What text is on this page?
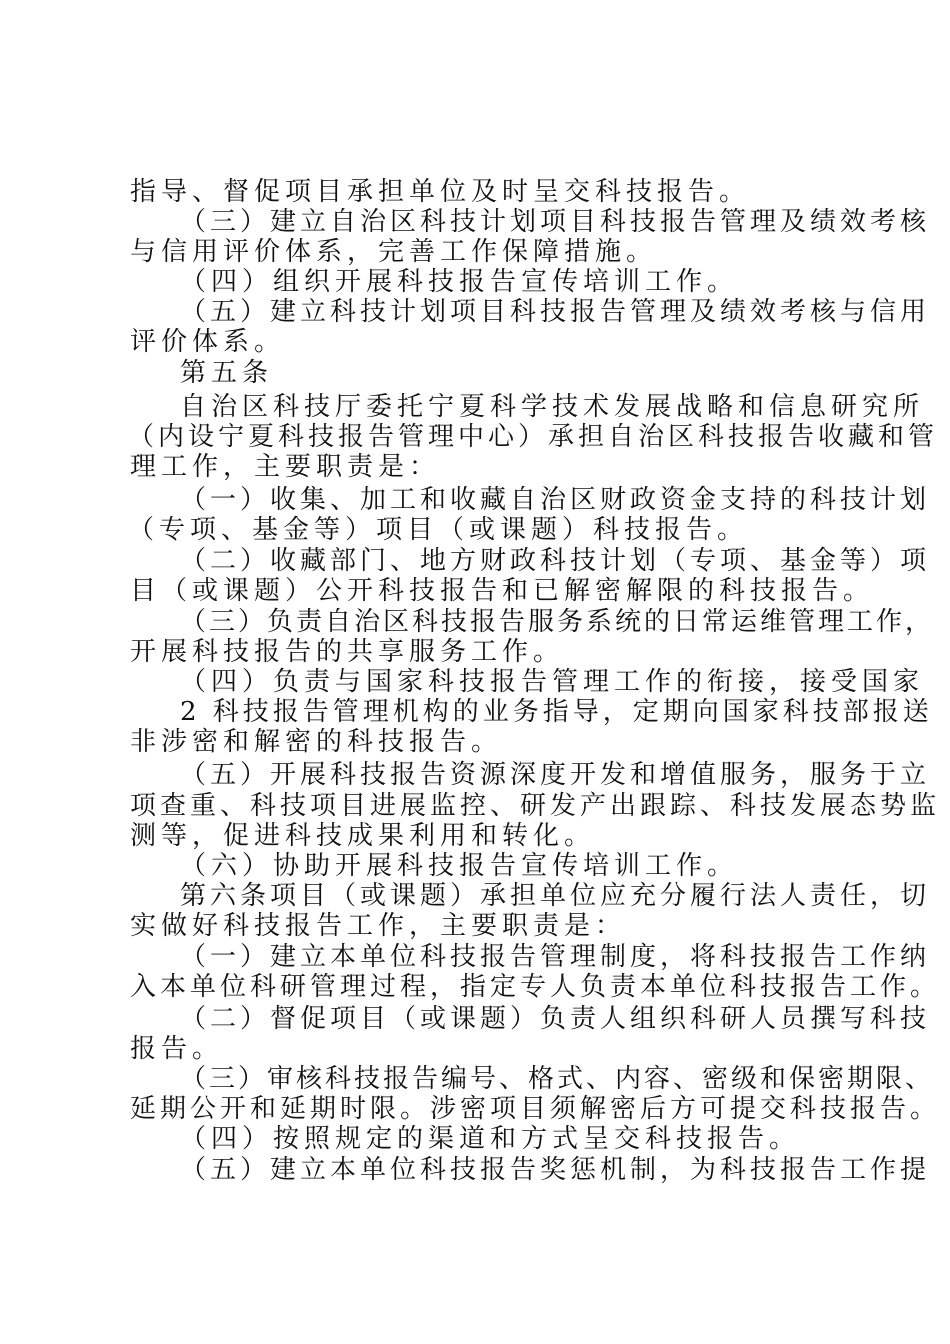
指导、督促项目承担单位及时呈交科技报告。
（三）建立自治区科技计划项目科技报告管理及绩效考核
与信用评价体系，完善工作保障措施。
（四）组织开展科技报告宣传培训工作。
（五）建立科技计划项目科技报告管理及绩效考核与信用
评价体系。
第五条
自治区科技厅委托宁夏科学技术发展战略和信息研究所
（内设宁夏科技报告管理中心）承担自治区科技报告收藏和管
理工作，主要职责是：
（一）收集、加工和收藏自治区财政资金支持的科技计划
（专项、基金等）项目（或课题）科技报告。
（二）收藏部门、地方财政科技计划（专项、基金等）项
目（或课题）公开科技报告和已解密解限的科技报告。
（三）负责自治区科技报告服务系统的日常运维管理工作，
开展科技报告的共享服务工作。
（四）负责与国家科技报告管理工作的衔接，接受国家
2 科技报告管理机构的业务指导，定期向国家科技部报送
非涉密和解密的科技报告。
（五）开展科技报告资源深度开发和增值服务，服务于立
项查重、科技项目进展监控、研发产出跟踪、科技发展态势监
测等，促进科技成果利用和转化。
（六）协助开展科技报告宣传培训工作。
第六条项目（或课题）承担单位应充分履行法人责任，切
实做好科技报告工作，主要职责是：
（一）建立本单位科技报告管理制度，将科技报告工作纳
入本单位科研管理过程，指定专人负责本单位科技报告工作。
（二）督促项目（或课题）负责人组织科研人员撰写科技
报告。
（三）审核科技报告编号、格式、内容、密级和保密期限、
延期公开和延期时限。涉密项目须解密后方可提交科技报告。
（四）按照规定的渠道和方式呈交科技报告。
（五）建立本单位科技报告奖惩机制，为科技报告工作提
